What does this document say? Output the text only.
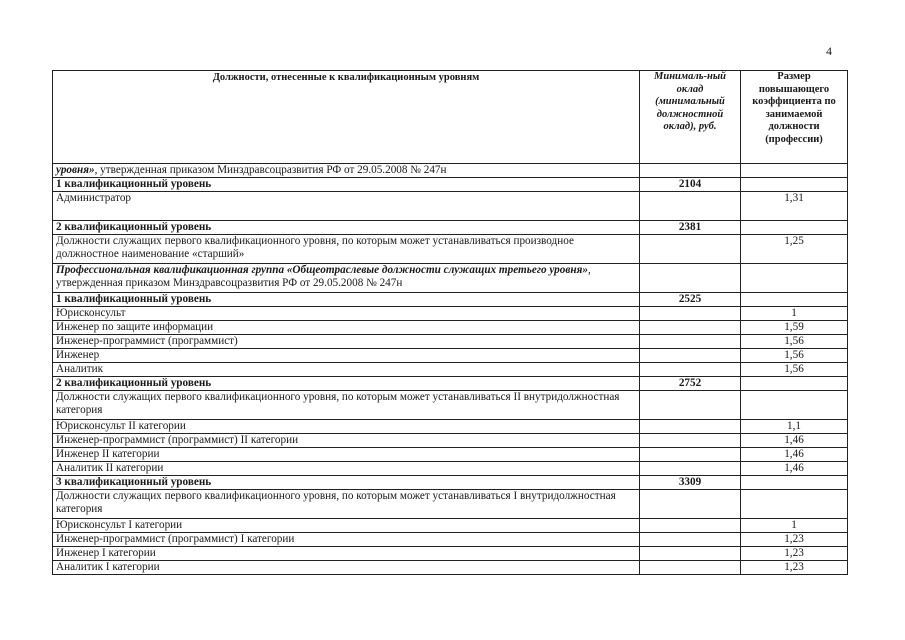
4
Должности, отнесенные к квалификационным уровням	Минималь-ный оклад (минимальный должностной оклад), руб.	Размер повышающего коэффициента по занимаемой должности (профессии)
уровня», утвержденная приказом Минздравсоцразвития РФ от 29.05.2008 № 247н		
1 квалификационный уровень	2104	
Администратор		1,31
2 квалификационный уровень	2381	
Должности служащих первого квалификационного уровня, по которым может устанавливаться производное должностное наименование «старший»		1,25
Профессиональная квалификационная группа «Общеотраслевые должности служащих третьего уровня», утвержденная приказом Минздравсоцразвития РФ от 29.05.2008 № 247н		
1 квалификационный уровень	2525	
Юрисконсульт		1
Инженер по защите информации		1,59
Инженер-программист (программист)		1,56
Инженер		1,56
Аналитик		1,56
2 квалификационный уровень	2752	
Должности служащих первого квалификационного уровня, по которым может устанавливаться II внутридолжностная категория		
Юрисконсульт II категории		1,1
Инженер-программист (программист) II категории		1,46
Инженер II категории		1,46
Аналитик II категории		1,46
3 квалификационный уровень	3309	
Должности служащих первого квалификационного уровня, по которым может устанавливаться I внутридолжностная категория		
Юрисконсульт I категории		1
Инженер-программист (программист) I категории		1,23
Инженер I категории		1,23
Аналитик I категории		1,23
